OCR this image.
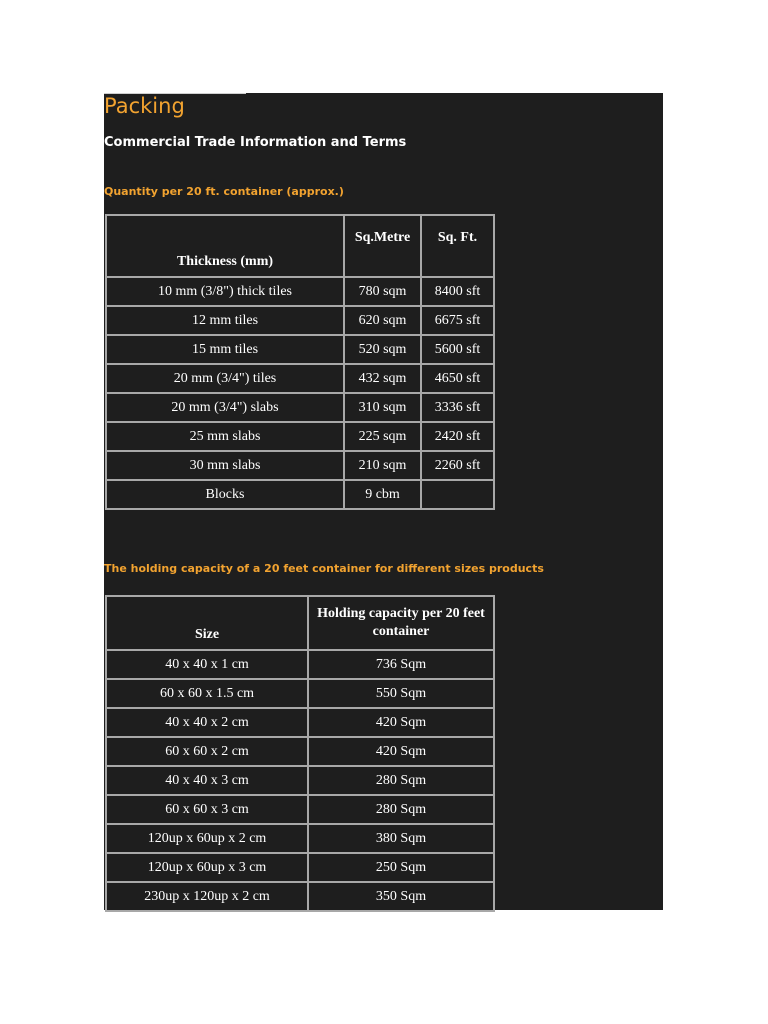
Packing
Commercial Trade Information and Terms
Quantity per 20 ft. container (approx.)
Thickness (mm)	Sq.Metre	Sq. Ft.
10 mm (3/8") thick tiles	780 sqm	8400 sft
12 mm tiles	620 sqm	6675 sft
15 mm tiles	520 sqm	5600 sft
20 mm (3/4") tiles	432 sqm	4650 sft
20 mm (3/4") slabs	310 sqm	3336 sft
25 mm slabs	225 sqm	2420 sft
30 mm slabs	210 sqm	2260 sft
Blocks	9 cbm	
The holding capacity of a 20 feet container for different sizes products
Size	Holding capacity per 20 feet container
40 x 40 x 1 cm	736 Sqm
60 x 60 x 1.5 cm	550 Sqm
40 x 40 x 2 cm	420 Sqm
60 x 60 x 2 cm	420 Sqm
40 x 40 x 3 cm	280 Sqm
60 x 60 x 3 cm	280 Sqm
120up x 60up x 2 cm	380 Sqm
120up x 60up x 3 cm	250 Sqm
230up x 120up x 2 cm	350 Sqm
